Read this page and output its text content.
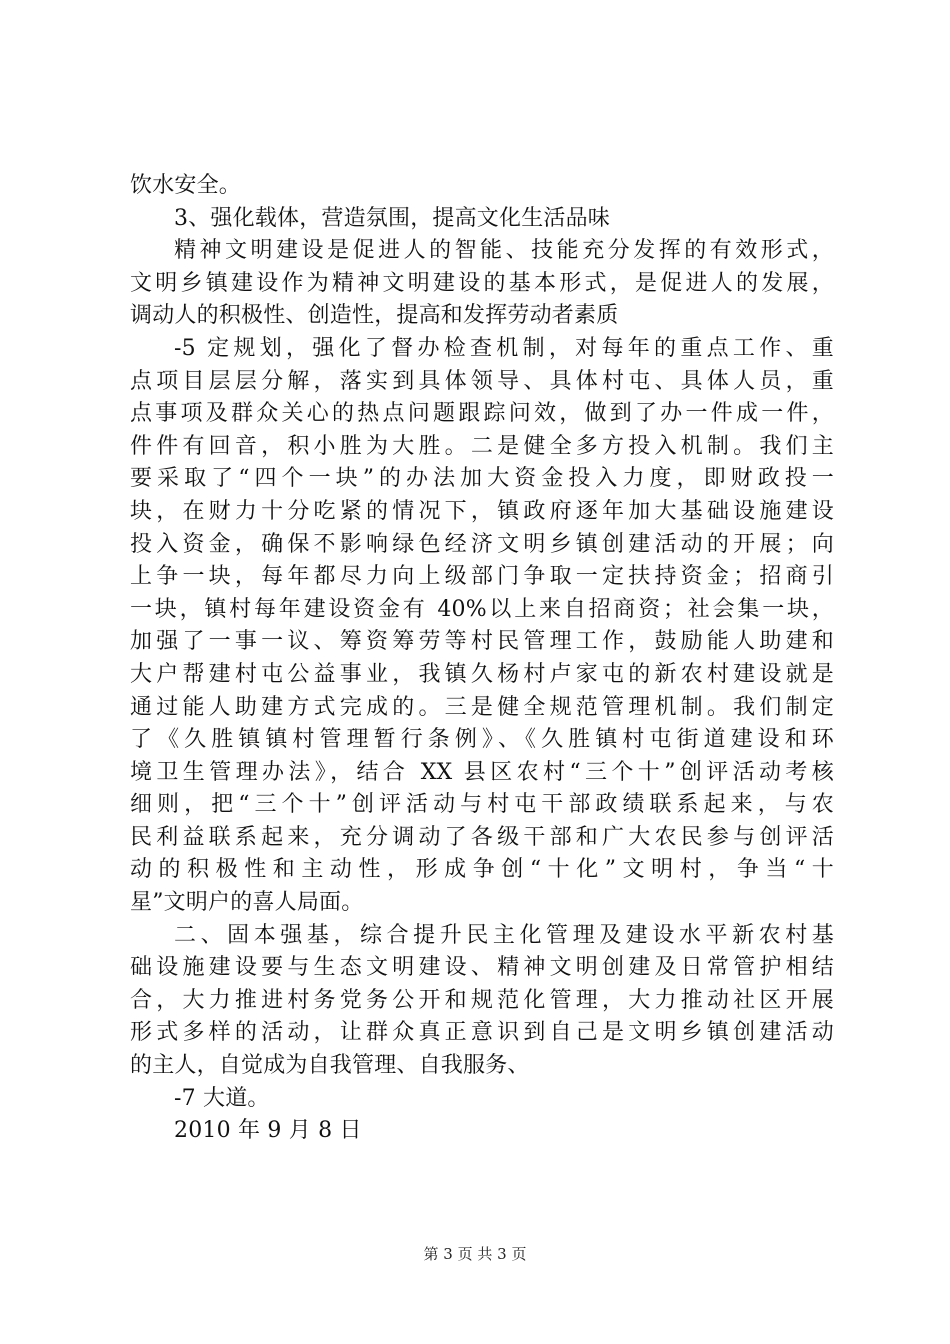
饮水安全。
3、强化载体，营造氛围，提高文化生活品味
精神文明建设是促进人的智能、技能充分发挥的有效形式，
文明乡镇建设作为精神文明建设的基本形式，是促进人的发展，
调动人的积极性、创造性，提高和发挥劳动者素质
-5 定规划，强化了督办检查机制，对每年的重点工作、重
点项目层层分解，落实到具体领导、具体村屯、具体人员，重
点事项及群众关心的热点问题跟踪问效，做到了办一件成一件，
件件有回音，积小胜为大胜。二是健全多方投入机制。我们主
要采取了“四个一块”的办法加大资金投入力度，即财政投一
块，在财力十分吃紧的情况下，镇政府逐年加大基础设施建设
投入资金，确保不影响绿色经济文明乡镇创建活动的开展；向
上争一块，每年都尽力向上级部门争取一定扶持资金；招商引
一块，镇村每年建设资金有 40%以上来自招商资；社会集一块，
加强了一事一议、筹资筹劳等村民管理工作，鼓励能人助建和
大户帮建村屯公益事业，我镇久杨村卢家屯的新农村建设就是
通过能人助建方式完成的。三是健全规范管理机制。我们制定
了《久胜镇镇村管理暂行条例》、《久胜镇村屯街道建设和环
境卫生管理办法》，结合 XX 县区农村“三个十”创评活动考核
细则，把“三个十”创评活动与村屯干部政绩联系起来，与农
民利益联系起来，充分调动了各级干部和广大农民参与创评活
动的积极性和主动性，形成争创“十化”文明村，争当“十
星”文明户的喜人局面。
二、固本强基，综合提升民主化管理及建设水平新农村基
础设施建设要与生态文明建设、精神文明创建及日常管护相结
合，大力推进村务党务公开和规范化管理，大力推动社区开展
形式多样的活动，让群众真正意识到自己是文明乡镇创建活动
的主人，自觉成为自我管理、自我服务、
-7 大道。
2010 年 9 月 8 日
第 3 页 共 3 页
